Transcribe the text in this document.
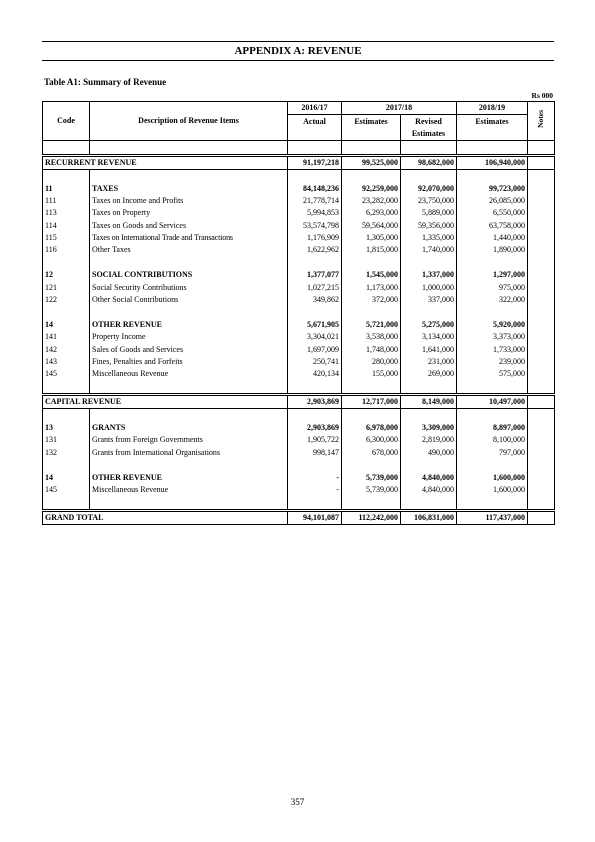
APPENDIX A: REVENUE
Table A1: Summary of Revenue
Rs 000
		2016/17	2017/18		2018/19	Notes
Code	Description of Revenue Items	Actual	Estimates	Revised	Estimates	
				Estimates		

RECURRENT REVENUE		91,197,218	99,525,000	98,682,000	106,940,000	

11	TAXES	84,148,236	92,259,000	92,070,000	99,723,000	
111	Taxes on Income and Profits	21,778,714	23,282,000	23,750,000	26,085,000	
113	Taxes on Property	5,994,853	6,293,000	5,889,000	6,550,000	
114	Taxes on Goods and Services	53,574,798	59,564,000	59,356,000	63,758,000	
115	Taxes on International Trade and Transactions	1,176,909	1,305,000	1,335,000	1,440,000	
116	Other Taxes	1,622,962	1,815,000	1,740,000	1,890,000	

12	SOCIAL CONTRIBUTIONS	1,377,077	1,545,000	1,337,000	1,297,000	
121	Social Security Contributions	1,027,215	1,173,000	1,000,000	975,000	
122	Other Social Contributions	349,862	372,000	337,000	322,000	

14	OTHER REVENUE	5,671,905	5,721,000	5,275,000	5,920,000	
141	Property Income	3,304,021	3,538,000	3,134,000	3,373,000	
142	Sales of Goods and Services	1,697,009	1,748,000	1,641,000	1,733,000	
143	Fines, Penalties and Forfeits	250,741	280,000	231,000	239,000	
145	Miscellaneous Revenue	420,134	155,000	269,000	575,000	

CAPITAL REVENUE		2,903,869	12,717,000	8,149,000	10,497,000	

13	GRANTS	2,903,869	6,978,000	3,309,000	8,897,000	
131	Grants from Foreign Governments	1,905,722	6,300,000	2,819,000	8,100,000	
132	Grants from International Organisations	998,147	678,000	490,000	797,000	

14	OTHER REVENUE	-	5,739,000	4,840,000	1,600,000	
145	Miscellaneous Revenue	-	5,739,000	4,840,000	1,600,000	

GRAND TOTAL		94,101,087	112,242,000	106,831,000	117,437,000	
357
